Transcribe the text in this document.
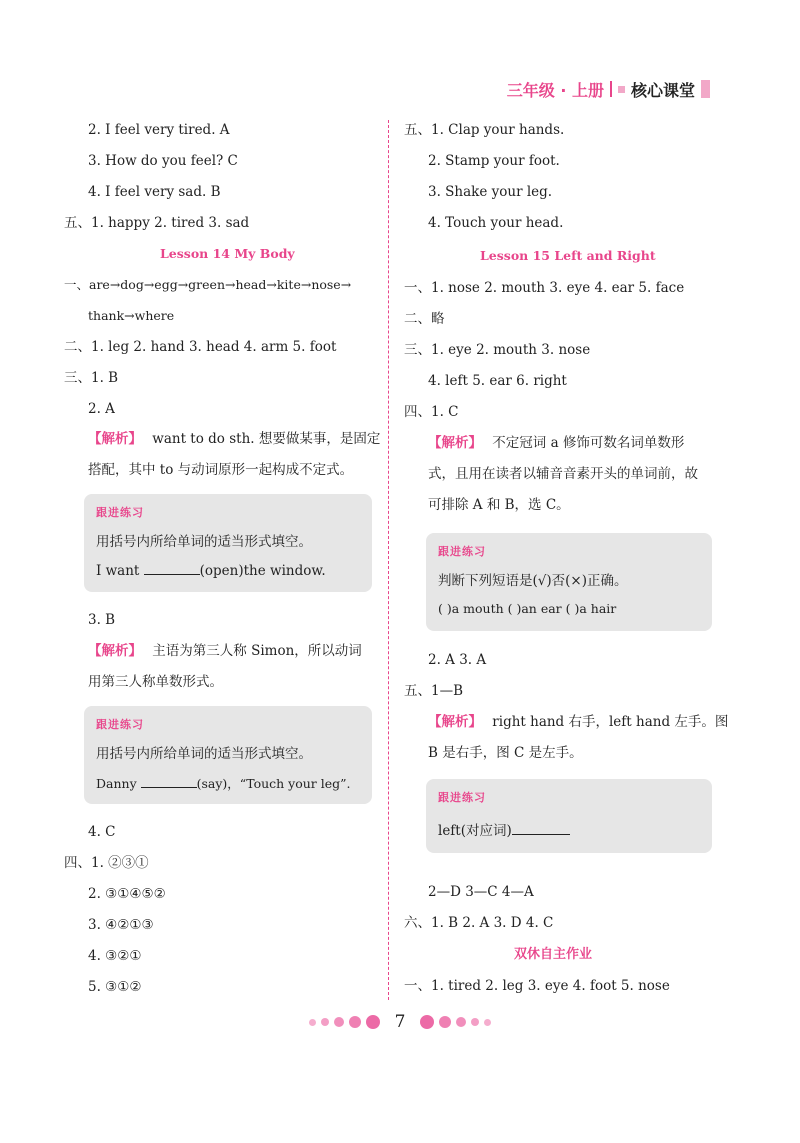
三年级 · 上册 核心课堂
2. I feel very tired. A
3. How do you feel? C
4. I feel very sad. B
五、1. happy 2. tired 3. sad
Lesson 14 My Body
一、are→dog→egg→green→head→kite→nose→
thank→where
二、1. leg 2. hand 3. head 4. arm 5. foot
三、1. B
2. A
【解析】 want to do sth. 想要做某事，是固定
搭配，其中 to 与动词原形一起构成不定式。
跟进练习
用括号内所给单词的适当形式填空。
I want	(open)the window.
3. B
【解析】 主语为第三人称 Simon，所以动词
用第三人称单数形式。
跟进练习
用括号内所给单词的适当形式填空。
Danny	(say)，“Touch your leg”.
4. C
四、1. ②③①
2. ③①④⑤②
3. ④②①③
4. ③②①
5. ③①②
五、1. Clap your hands.
2. Stamp your foot.
3. Shake your leg.
4. Touch your head.
Lesson 15 Left and Right
一、1. nose 2. mouth 3. eye 4. ear 5. face
二、略
三、1. eye 2. mouth 3. nose
4. left 5. ear 6. right
四、1. C
【解析】 不定冠词 a 修饰可数名词单数形
式，且用在读者以辅音音素开头的单词前，故
可排除 A 和 B，选 C。
跟进练习
判断下列短语是(√)否(×)正确。
( )a mouth ( )an ear ( )a hair
2. A 3. A
五、1—B
【解析】 right hand 右手，left hand 左手。图
B 是右手，图 C 是左手。
跟进练习
left(对应词)
2—D 3—C 4—A
六、1. B 2. A 3. D 4. C
双休自主作业
一、1. tired 2. leg 3. eye 4. foot 5. nose
7
